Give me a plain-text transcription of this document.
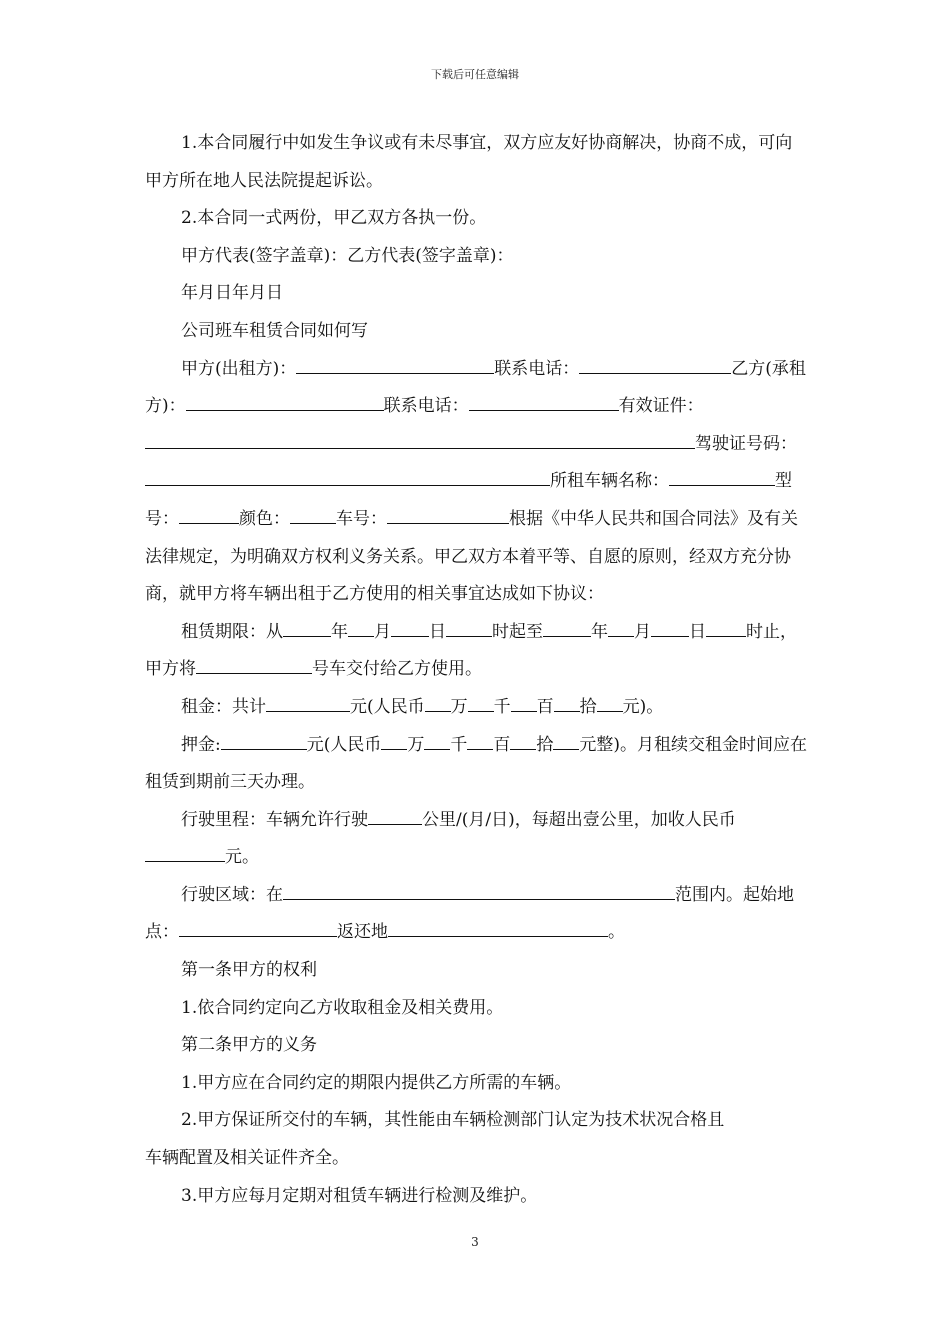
下载后可任意编辑

1.本合同履行中如发生争议或有未尽事宜，双方应友好协商解决，协商不成，可向甲方所在地人民法院提起诉讼。

2.本合同一式两份，甲乙双方各执一份。

甲方代表(签字盖章)：乙方代表(签字盖章)：

年月日年月日

公司班车租赁合同如何写

甲方(出租方)：	联系电话：	乙方(承租方)：	联系电话：	有效证件：驾驶证号码：所租车辆名称：	型号：	颜色：	车号：	根据《中华人民共和国合同法》及有关法律规定，为明确双方权利义务关系。甲乙双方本着平等、自愿的原则，经双方充分协商，就甲方将车辆出租于乙方使用的相关事宜达成如下协议：

租赁期限：从	年 月 日	时起至	年 月 日 时止，甲方将	号车交付给乙方使用。

租金：共计	元(人民币 万 千 百 拾 元)。

押金:	元(人民币 万 千 百 拾 元整)。月租续交租金时间应在租赁到期前三天办理。

行驶里程：车辆允许行驶	公里/(月/日)，每超出壹公里，加收人民币元。

行驶区域：在	范围内。起始地点：	返还地	。

第一条甲方的权利

1.依合同约定向乙方收取租金及相关费用。

第二条甲方的义务

1.甲方应在合同约定的期限内提供乙方所需的车辆。

2.甲方保证所交付的车辆，其性能由车辆检测部门认定为技术状况合格且

车辆配置及相关证件齐全。

3.甲方应每月定期对租赁车辆进行检测及维护。

3
